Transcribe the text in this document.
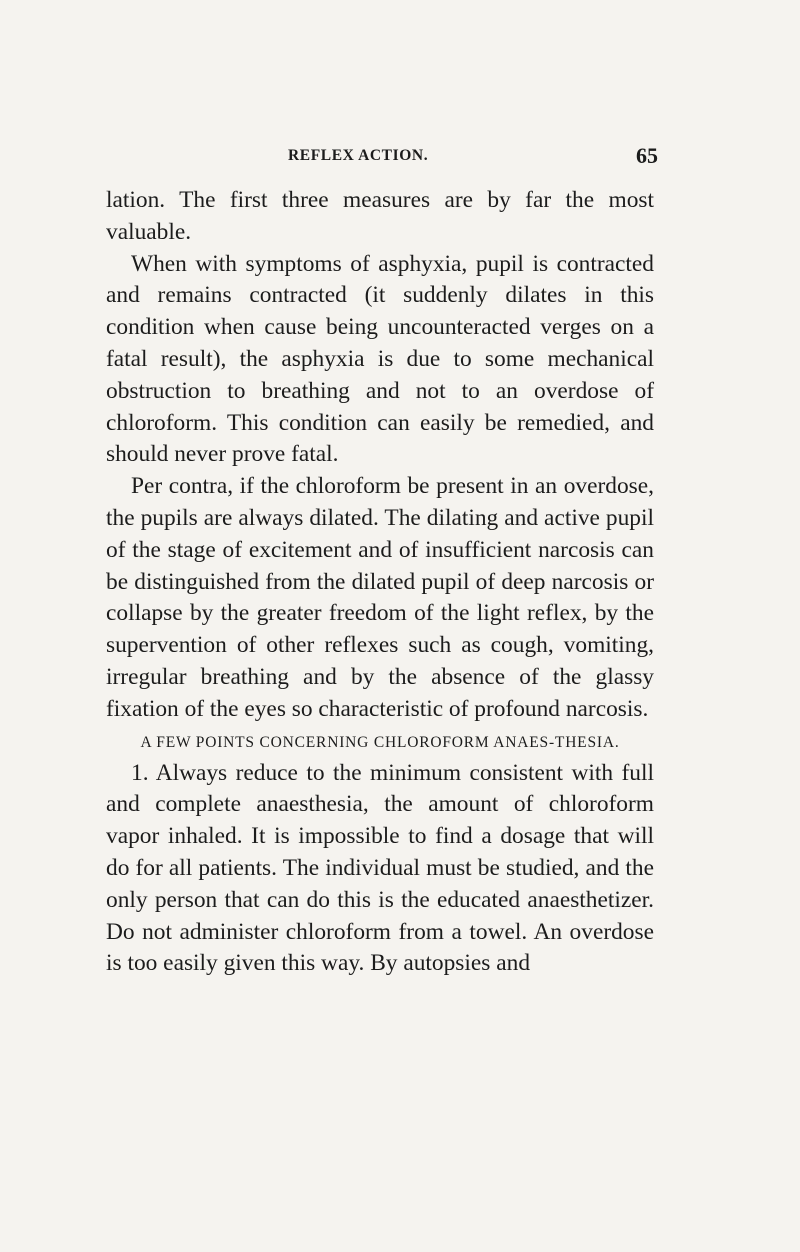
REFLEX ACTION.	65

lation. The first three measures are by far the most valuable.

When with symptoms of asphyxia, pupil is contracted and remains contracted (it suddenly dilates in this condition when cause being uncounteracted verges on a fatal result), the asphyxia is due to some mechanical obstruction to breathing and not to an overdose of chloroform. This condition can easily be remedied, and should never prove fatal.

Per contra, if the chloroform be present in an overdose, the pupils are always dilated. The dilating and active pupil of the stage of excitement and of insufficient narcosis can be distinguished from the dilated pupil of deep narcosis or collapse by the greater freedom of the light reflex, by the supervention of other reflexes such as cough, vomiting, irregular breathing and by the absence of the glassy fixation of the eyes so characteristic of profound narcosis.

A FEW POINTS CONCERNING CHLOROFORM ANAES-THESIA.

1. Always reduce to the minimum consistent with full and complete anaesthesia, the amount of chloroform vapor inhaled. It is impossible to find a dosage that will do for all patients. The individual must be studied, and the only person that can do this is the educated anaesthetizer. Do not administer chloroform from a towel. An overdose is too easily given this way. By autopsies and
